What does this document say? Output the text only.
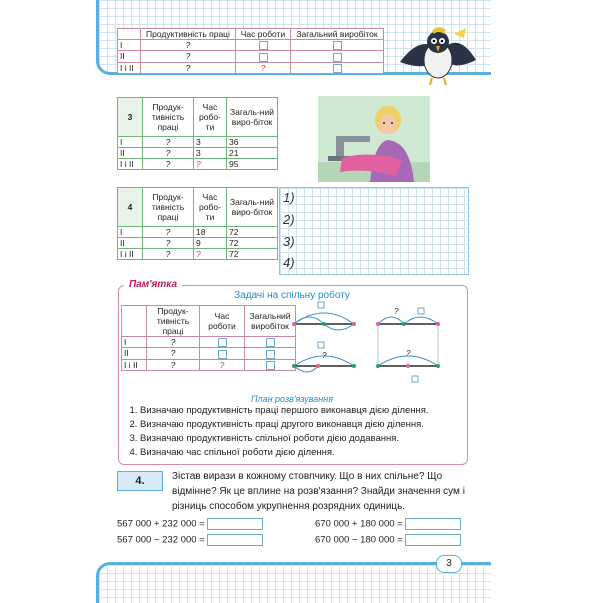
	Продуктивність праці	Час роботи	Загальний виробіток
І	?		
ІІ	?		
І і ІІ	?	?	
3	Продук-тивність праці	Час робо-ти	Загаль-ний виро-біток
І	?	3	36
ІІ	?	3	21
І і ІІ	?	?	95
4	Продук-тивність праці	Час робо-ти	Загаль-ний виро-біток
І	?	18	72
ІІ	?	9	72
І і ІІ	?	?	72
1)
2)
3)
4)
Пам'ятка
Задачі на спільну роботу
	Продук-тивність праці	Час роботи	Загальний виробіток
І	?		
ІІ	?		
І і ІІ	?	?	
?
?
?
План розв'язування
1. Визначаю продуктивність праці першого виконавця дією ділення.
2. Визначаю продуктивність праці другого виконавця дією ділення.
3. Визначаю продуктивність спільної роботи дією додавання.
4. Визначаю час спільної роботи дією ділення.
4.	Зістав вирази в кожному стовпчику. Що в них спільне? Що відмінне? Як це вплине на розв'язання? Знайди значення сум і різниць способом укрупнення розрядних одиниць.
567 000 + 232 000 =
567 000 − 232 000 =
670 000 + 180 000 =
670 000 − 180 000 =
3
